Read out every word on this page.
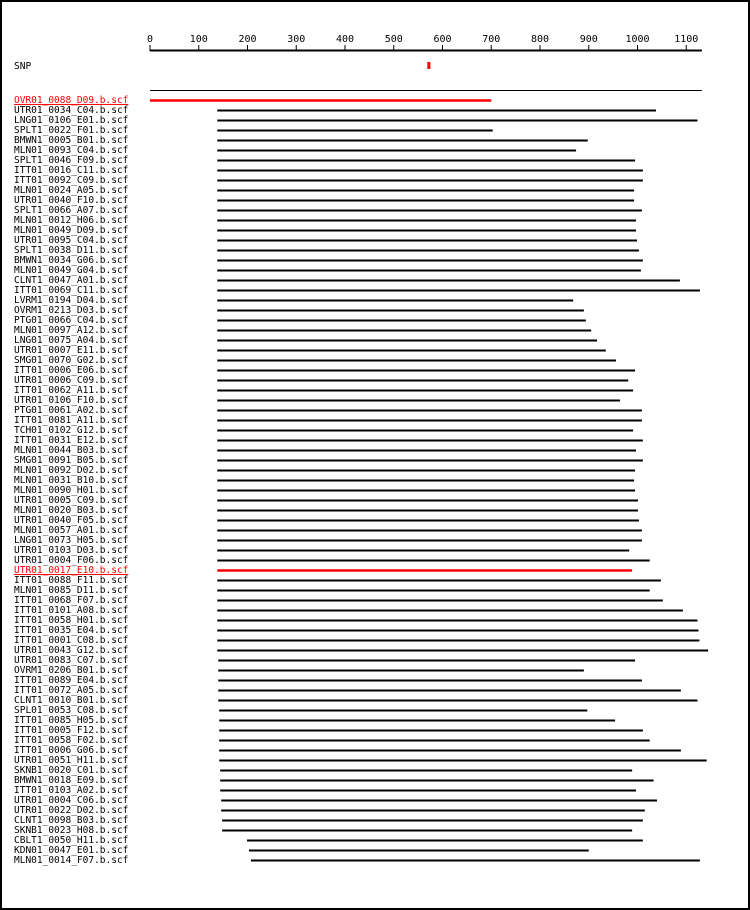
0	100	200	300	400	500	600	700	800	900	1000 1100
SNP
OVR01_0088_D09.b.scf
UTR01_0034_C04.b.scf
LNG01_0106_E01.b.scf
SPLT1_0022_F01.b.scf
BMWN1_0005_B01.b.scf
MLN01_0093_C04.b.scf
SPLT1_0046_F09.b.scf
ITT01_0016_C11.b.scf
ITT01_0092_C09.b.scf
MLN01_0024_A05.b.scf
UTR01_0040_F10.b.scf
SPLT1_0066_A07.b.scf
MLN01_0012_H06.b.scf
MLN01_0049_D09.b.scf
UTR01_0095_C04.b.scf
SPLT1_0038_D11.b.scf
BMWN1_0034_G06.b.scf
MLN01_0049_G04.b.scf
CLNT1_0047_A01.b.scf
ITT01_0069_C11.b.scf
LVRM1_0194_D04.b.scf
OVRM1_0213_D03.b.scf
PTG01_0066_C04.b.scf
MLN01_0097_A12.b.scf
LNG01_0075_A04.b.scf
UTR01_0007_E11.b.scf
SMG01_0070_G02.b.scf
ITT01_0006_E06.b.scf
UTR01_0006_C09.b.scf
ITT01_0062_A11.b.scf
UTR01_0106_F10.b.scf
PTG01_0061_A02.b.scf
ITT01_0081_A11.b.scf
TCH01_0102_G12.b.scf
ITT01_0031_E12.b.scf
MLN01_0044_B03.b.scf
SMG01_0091_B05.b.scf
MLN01_0092_D02.b.scf
MLN01_0031_B10.b.scf
MLN01_0090_H01.b.scf
UTR01_0005_C09.b.scf
MLN01_0020_B03.b.scf
UTR01_0040_F05.b.scf
MLN01_0057_A01.b.scf
LNG01_0073_H05.b.scf
UTR01_0103_D03.b.scf
UTR01_0004_F06.b.scf
UTR01_0017_E10.b.scf
ITT01_0088_F11.b.scf
MLN01_0085_D11.b.scf
ITT01_0068_F07.b.scf
ITT01_0101_A08.b.scf
ITT01_0058_H01.b.scf
ITT01_0035_E04.b.scf
ITT01_0001_C08.b.scf
UTR01_0043_G12.b.scf
UTR01_0083_C07.b.scf
OVRM1_0206_B01.b.scf
ITT01_0089_E04.b.scf
ITT01_0072_A05.b.scf
CLNT1_0010_B01.b.scf
SPL01_0053_C08.b.scf
ITT01_0085_H05.b.scf
ITT01_0005_F12.b.scf
ITT01_0058_F02.b.scf
ITT01_0006_G06.b.scf
UTR01_0051_H11.b.scf
SKNB1_0020_C01.b.scf
BMWN1_0018_E09.b.scf
ITT01_0103_A02.b.scf
UTR01_0004_C06.b.scf
UTR01_0022_D02.b.scf
CLNT1_0098_B03.b.scf
SKNB1_0023_H08.b.scf
CBLT1_0050_H11.b.scf
KDN01_0047_E01.b.scf
MLN01_0014_F07.b.scf
